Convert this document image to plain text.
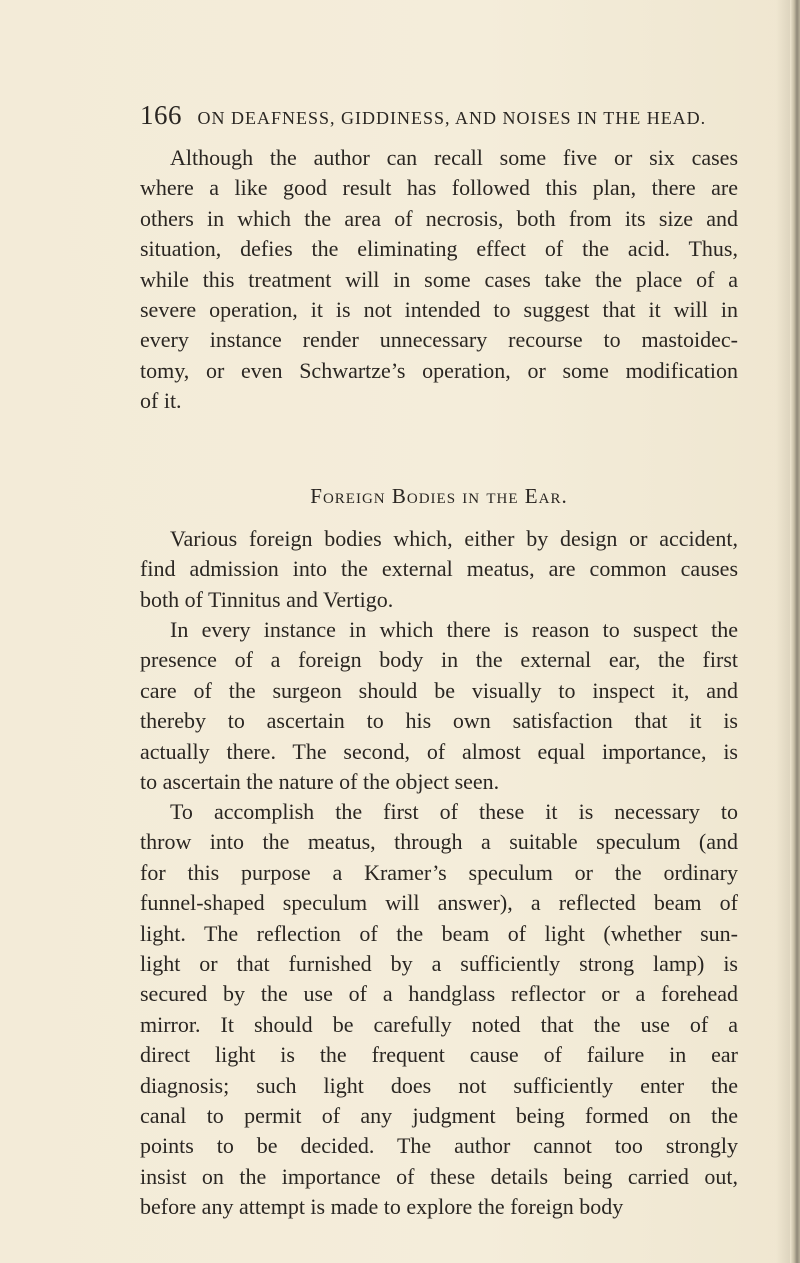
166 ON DEAFNESS, GIDDINESS, AND NOISES IN THE HEAD.
Although the author can recall some five or six cases
where a like good result has followed this plan, there are
others in which the area of necrosis, both from its size and
situation, defies the eliminating effect of the acid. Thus,
while this treatment will in some cases take the place of a
severe operation, it is not intended to suggest that it will in
every instance render unnecessary recourse to mastoidec-
tomy, or even Schwartze’s operation, or some modification
of it.
Foreign Bodies in the Ear.
Various foreign bodies which, either by design or accident,
find admission into the external meatus, are common causes
both of Tinnitus and Vertigo.
In every instance in which there is reason to suspect the
presence of a foreign body in the external ear, the first
care of the surgeon should be visually to inspect it, and
thereby to ascertain to his own satisfaction that it is
actually there. The second, of almost equal importance, is
to ascertain the nature of the object seen.
To accomplish the first of these it is necessary to
throw into the meatus, through a suitable speculum (and
for this purpose a Kramer’s speculum or the ordinary
funnel-shaped speculum will answer), a reflected beam of
light. The reflection of the beam of light (whether sun-
light or that furnished by a sufficiently strong lamp) is
secured by the use of a handglass reflector or a forehead
mirror. It should be carefully noted that the use of a
direct light is the frequent cause of failure in ear
diagnosis; such light does not sufficiently enter the
canal to permit of any judgment being formed on the
points to be decided. The author cannot too strongly
insist on the importance of these details being carried out,
before any attempt is made to explore the foreign body
